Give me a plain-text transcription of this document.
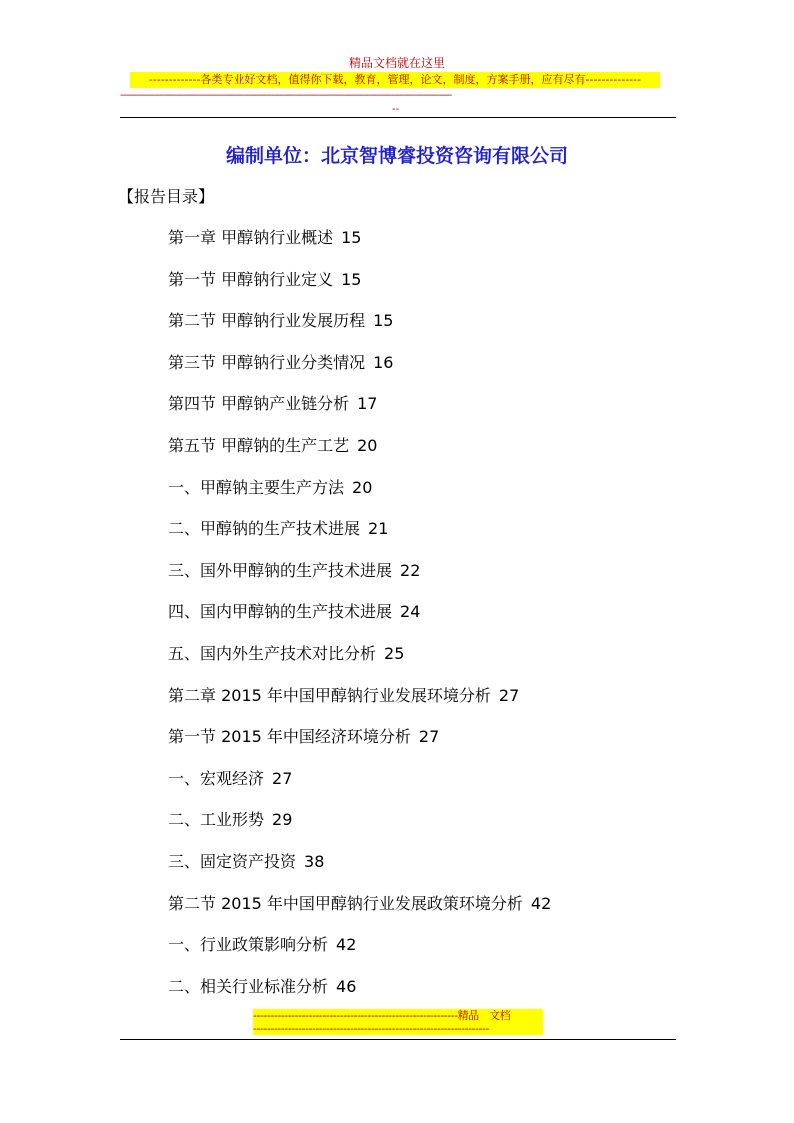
精品文档就在这里
-------------各类专业好文档，值得你下载，教育，管理，论文，制度，方案手册，应有尽有--------------
-------------------------------------------------------------------------------------------------------------------------------
--
编制单位：北京智博睿投资咨询有限公司
【报告目录】
第一章 甲醇钠行业概述 15
第一节 甲醇钠行业定义 15
第二节 甲醇钠行业发展历程 15
第三节 甲醇钠行业分类情况 16
第四节 甲醇钠产业链分析 17
第五节 甲醇钠的生产工艺 20
一、甲醇钠主要生产方法 20
二、甲醇钠的生产技术进展 21
三、国外甲醇钠的生产技术进展 22
四、国内甲醇钠的生产技术进展 24
五、国内外生产技术对比分析 25
第二章 2015 年中国甲醇钠行业发展环境分析 27
第一节 2015 年中国经济环境分析 27
一、宏观经济 27
二、工业形势 29
三、固定资产投资 38
第二节 2015 年中国甲醇钠行业发展政策环境分析 42
一、行业政策影响分析 42
二、相关行业标准分析 46
-----------------------------------------------------------精品　文档
--------------------------------------------------------------------
